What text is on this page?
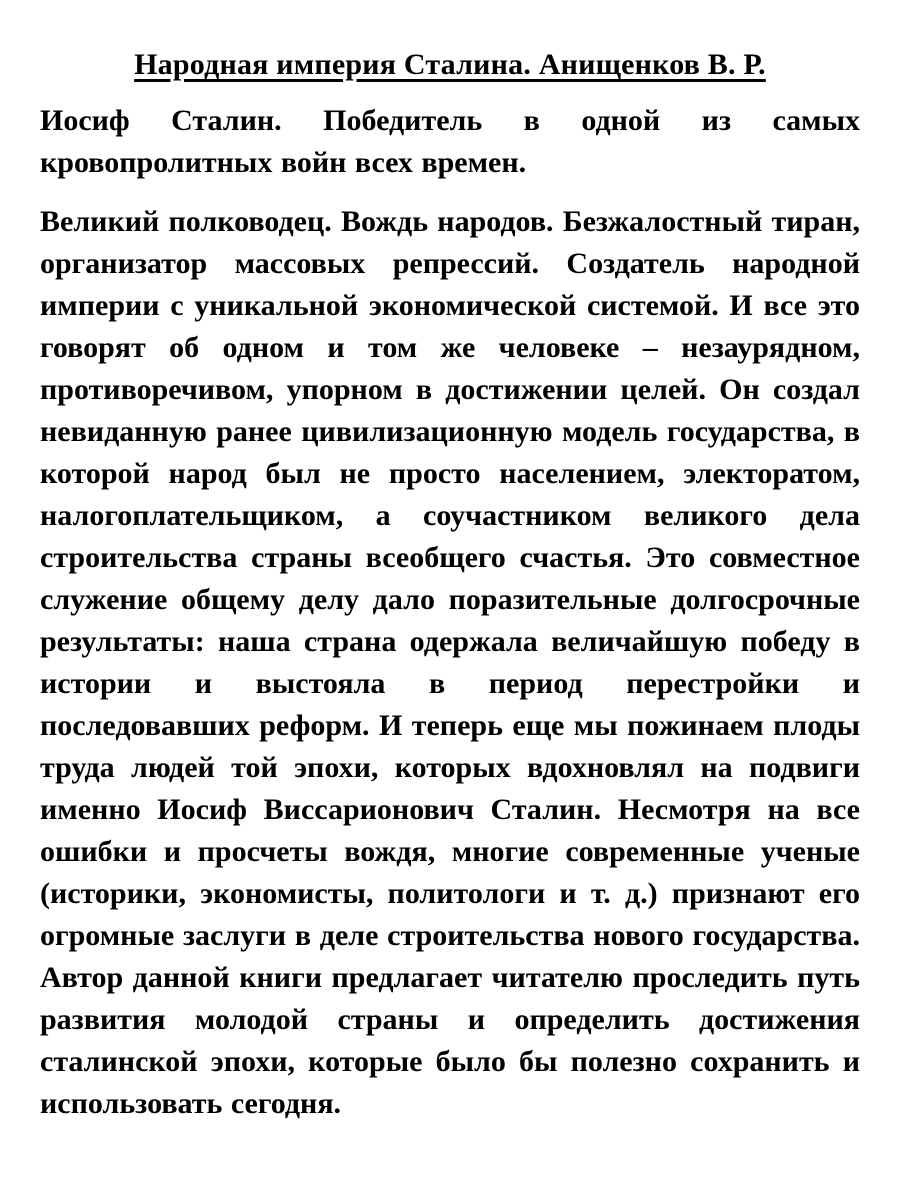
Народная империя Сталина. Анищенков В. Р.

Иосиф Сталин. Победитель в одной из самых кровопролитных войн всех времен.

Великий полководец. Вождь народов. Безжалостный тиран, организатор массовых репрессий. Создатель народной империи с уникальной экономической системой. И все это говорят об одном и том же человеке – незаурядном, противоречивом, упорном в достижении целей. Он создал невиданную ранее цивилизационную модель государства, в которой народ был не просто населением, электоратом, налогоплательщиком, а соучастником великого дела строительства страны всеобщего счастья. Это совместное служение общему делу дало поразительные долгосрочные результаты: наша страна одержала величайшую победу в истории и выстояла в период перестройки и последовавших реформ. И теперь еще мы пожинаем плоды труда людей той эпохи, которых вдохновлял на подвиги именно Иосиф Виссарионович Сталин. Несмотря на все ошибки и просчеты вождя, многие современные ученые (историки, экономисты, политологи и т. д.) признают его огромные заслуги в деле строительства нового государства. Автор данной книги предлагает читателю проследить путь развития молодой страны и определить достижения сталинской эпохи, которые было бы полезно сохранить и использовать сегодня.
